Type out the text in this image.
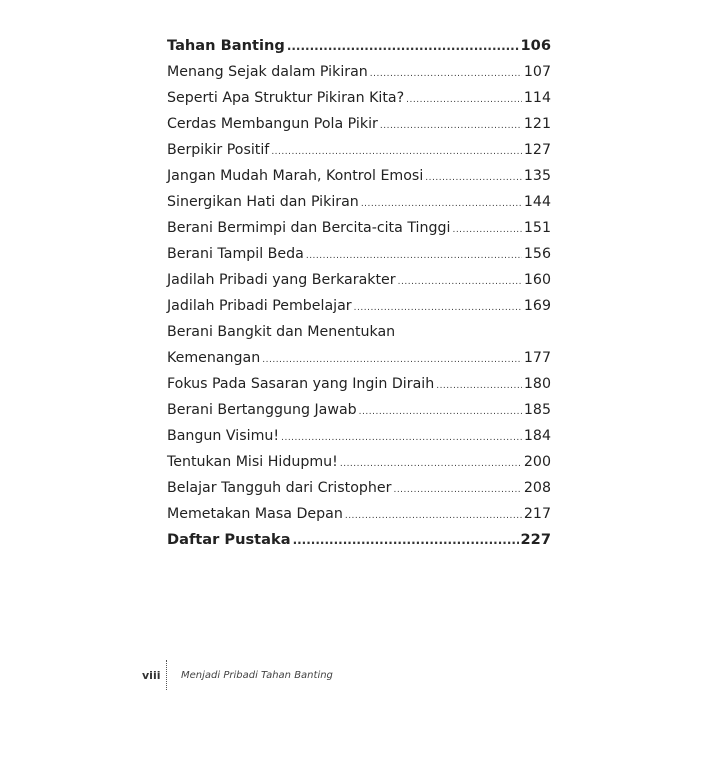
Tahan Banting .....	106
Menang Sejak dalam Pikiran .....	107
Seperti Apa Struktur Pikiran Kita? .....	114
Cerdas Membangun Pola Pikir .....	121
Berpikir Positif .....	127
Jangan Mudah Marah, Kontrol Emosi .....	135
Sinergikan Hati dan Pikiran .....	144
Berani Bermimpi dan Bercita-cita Tinggi .....	151
Berani Tampil Beda .....	156
Jadilah Pribadi yang Berkarakter .....	160
Jadilah Pribadi Pembelajar .....	169
Berani Bangkit dan Menentukan
Kemenangan .....	177
Fokus Pada Sasaran yang Ingin Diraih .....	180
Berani Bertanggung Jawab .....	185
Bangun Visimu! .....	184
Tentukan Misi Hidupmu! .....	200
Belajar Tangguh dari Cristopher .....	208
Memetakan Masa Depan .....	217
Daftar Pustaka .....	227
viii	Menjadi Pribadi Tahan Banting
